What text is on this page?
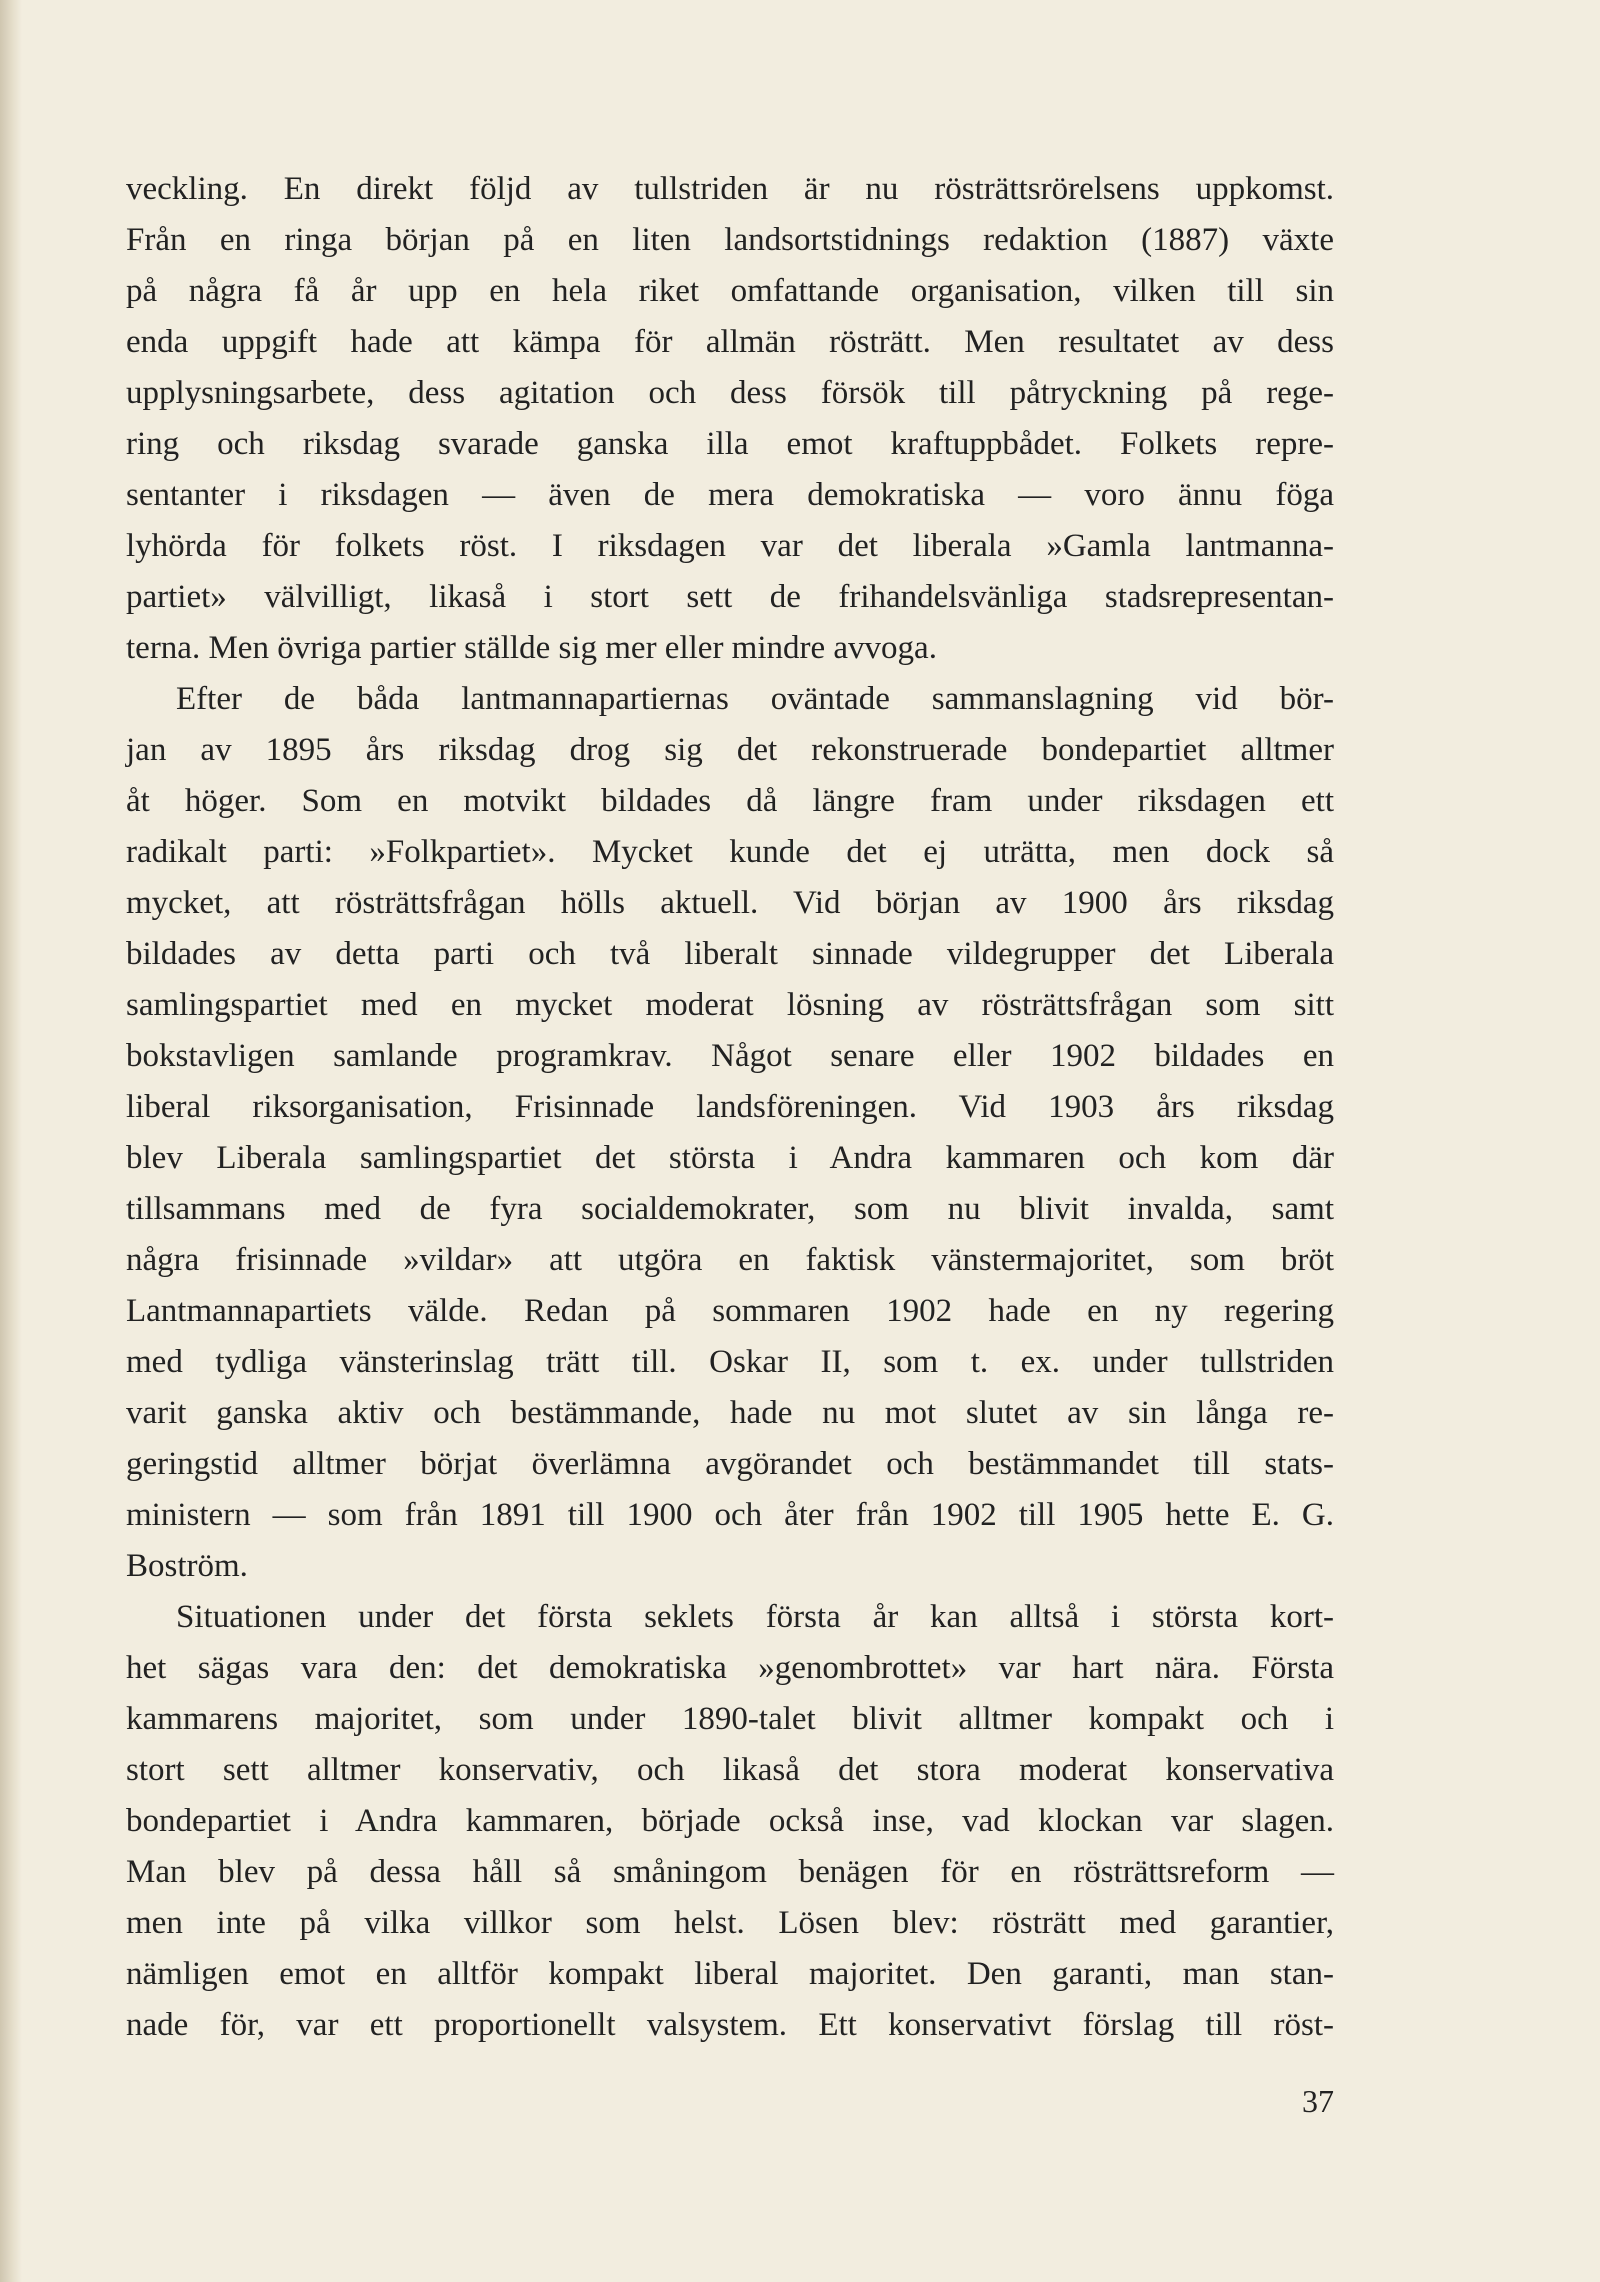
veckling. En direkt följd av tullstriden är nu rösträttsrörelsens uppkomst.
Från en ringa början på en liten landsortstidnings redaktion (1887) växte
på några få år upp en hela riket omfattande organisation, vilken till sin
enda uppgift hade att kämpa för allmän rösträtt. Men resultatet av dess
upplysningsarbete, dess agitation och dess försök till påtryckning på rege-
ring och riksdag svarade ganska illa emot kraftuppbådet. Folkets repre-
sentanter i riksdagen — även de mera demokratiska — voro ännu föga
lyhörda för folkets röst. I riksdagen var det liberala »Gamla lantmanna-
partiet» välvilligt, likaså i stort sett de frihandelsvänliga stadsrepresentan-
terna. Men övriga partier ställde sig mer eller mindre avvoga.
Efter de båda lantmannapartiernas oväntade sammanslagning vid bör-
jan av 1895 års riksdag drog sig det rekonstruerade bondepartiet alltmer
åt höger. Som en motvikt bildades då längre fram under riksdagen ett
radikalt parti: »Folkpartiet». Mycket kunde det ej uträtta, men dock så
mycket, att rösträttsfrågan hölls aktuell. Vid början av 1900 års riksdag
bildades av detta parti och två liberalt sinnade vildegrupper det Liberala
samlingspartiet med en mycket moderat lösning av rösträttsfrågan som sitt
bokstavligen samlande programkrav. Något senare eller 1902 bildades en
liberal riksorganisation, Frisinnade landsföreningen. Vid 1903 års riksdag
blev Liberala samlingspartiet det största i Andra kammaren och kom där
tillsammans med de fyra socialdemokrater, som nu blivit invalda, samt
några frisinnade »vildar» att utgöra en faktisk vänstermajoritet, som bröt
Lantmannapartiets välde. Redan på sommaren 1902 hade en ny regering
med tydliga vänsterinslag trätt till. Oskar II, som t. ex. under tullstriden
varit ganska aktiv och bestämmande, hade nu mot slutet av sin långa re-
geringstid alltmer börjat överlämna avgörandet och bestämmandet till stats-
ministern — som från 1891 till 1900 och åter från 1902 till 1905 hette E. G.
Boström.
Situationen under det första seklets första år kan alltså i största kort-
het sägas vara den: det demokratiska »genombrottet» var hart nära. Första
kammarens majoritet, som under 1890-talet blivit alltmer kompakt och i
stort sett alltmer konservativ, och likaså det stora moderat konservativa
bondepartiet i Andra kammaren, började också inse, vad klockan var slagen.
Man blev på dessa håll så småningom benägen för en rösträttsreform —
men inte på vilka villkor som helst. Lösen blev: rösträtt med garantier,
nämligen emot en alltför kompakt liberal majoritet. Den garanti, man stan-
nade för, var ett proportionellt valsystem. Ett konservativt förslag till röst-
37
